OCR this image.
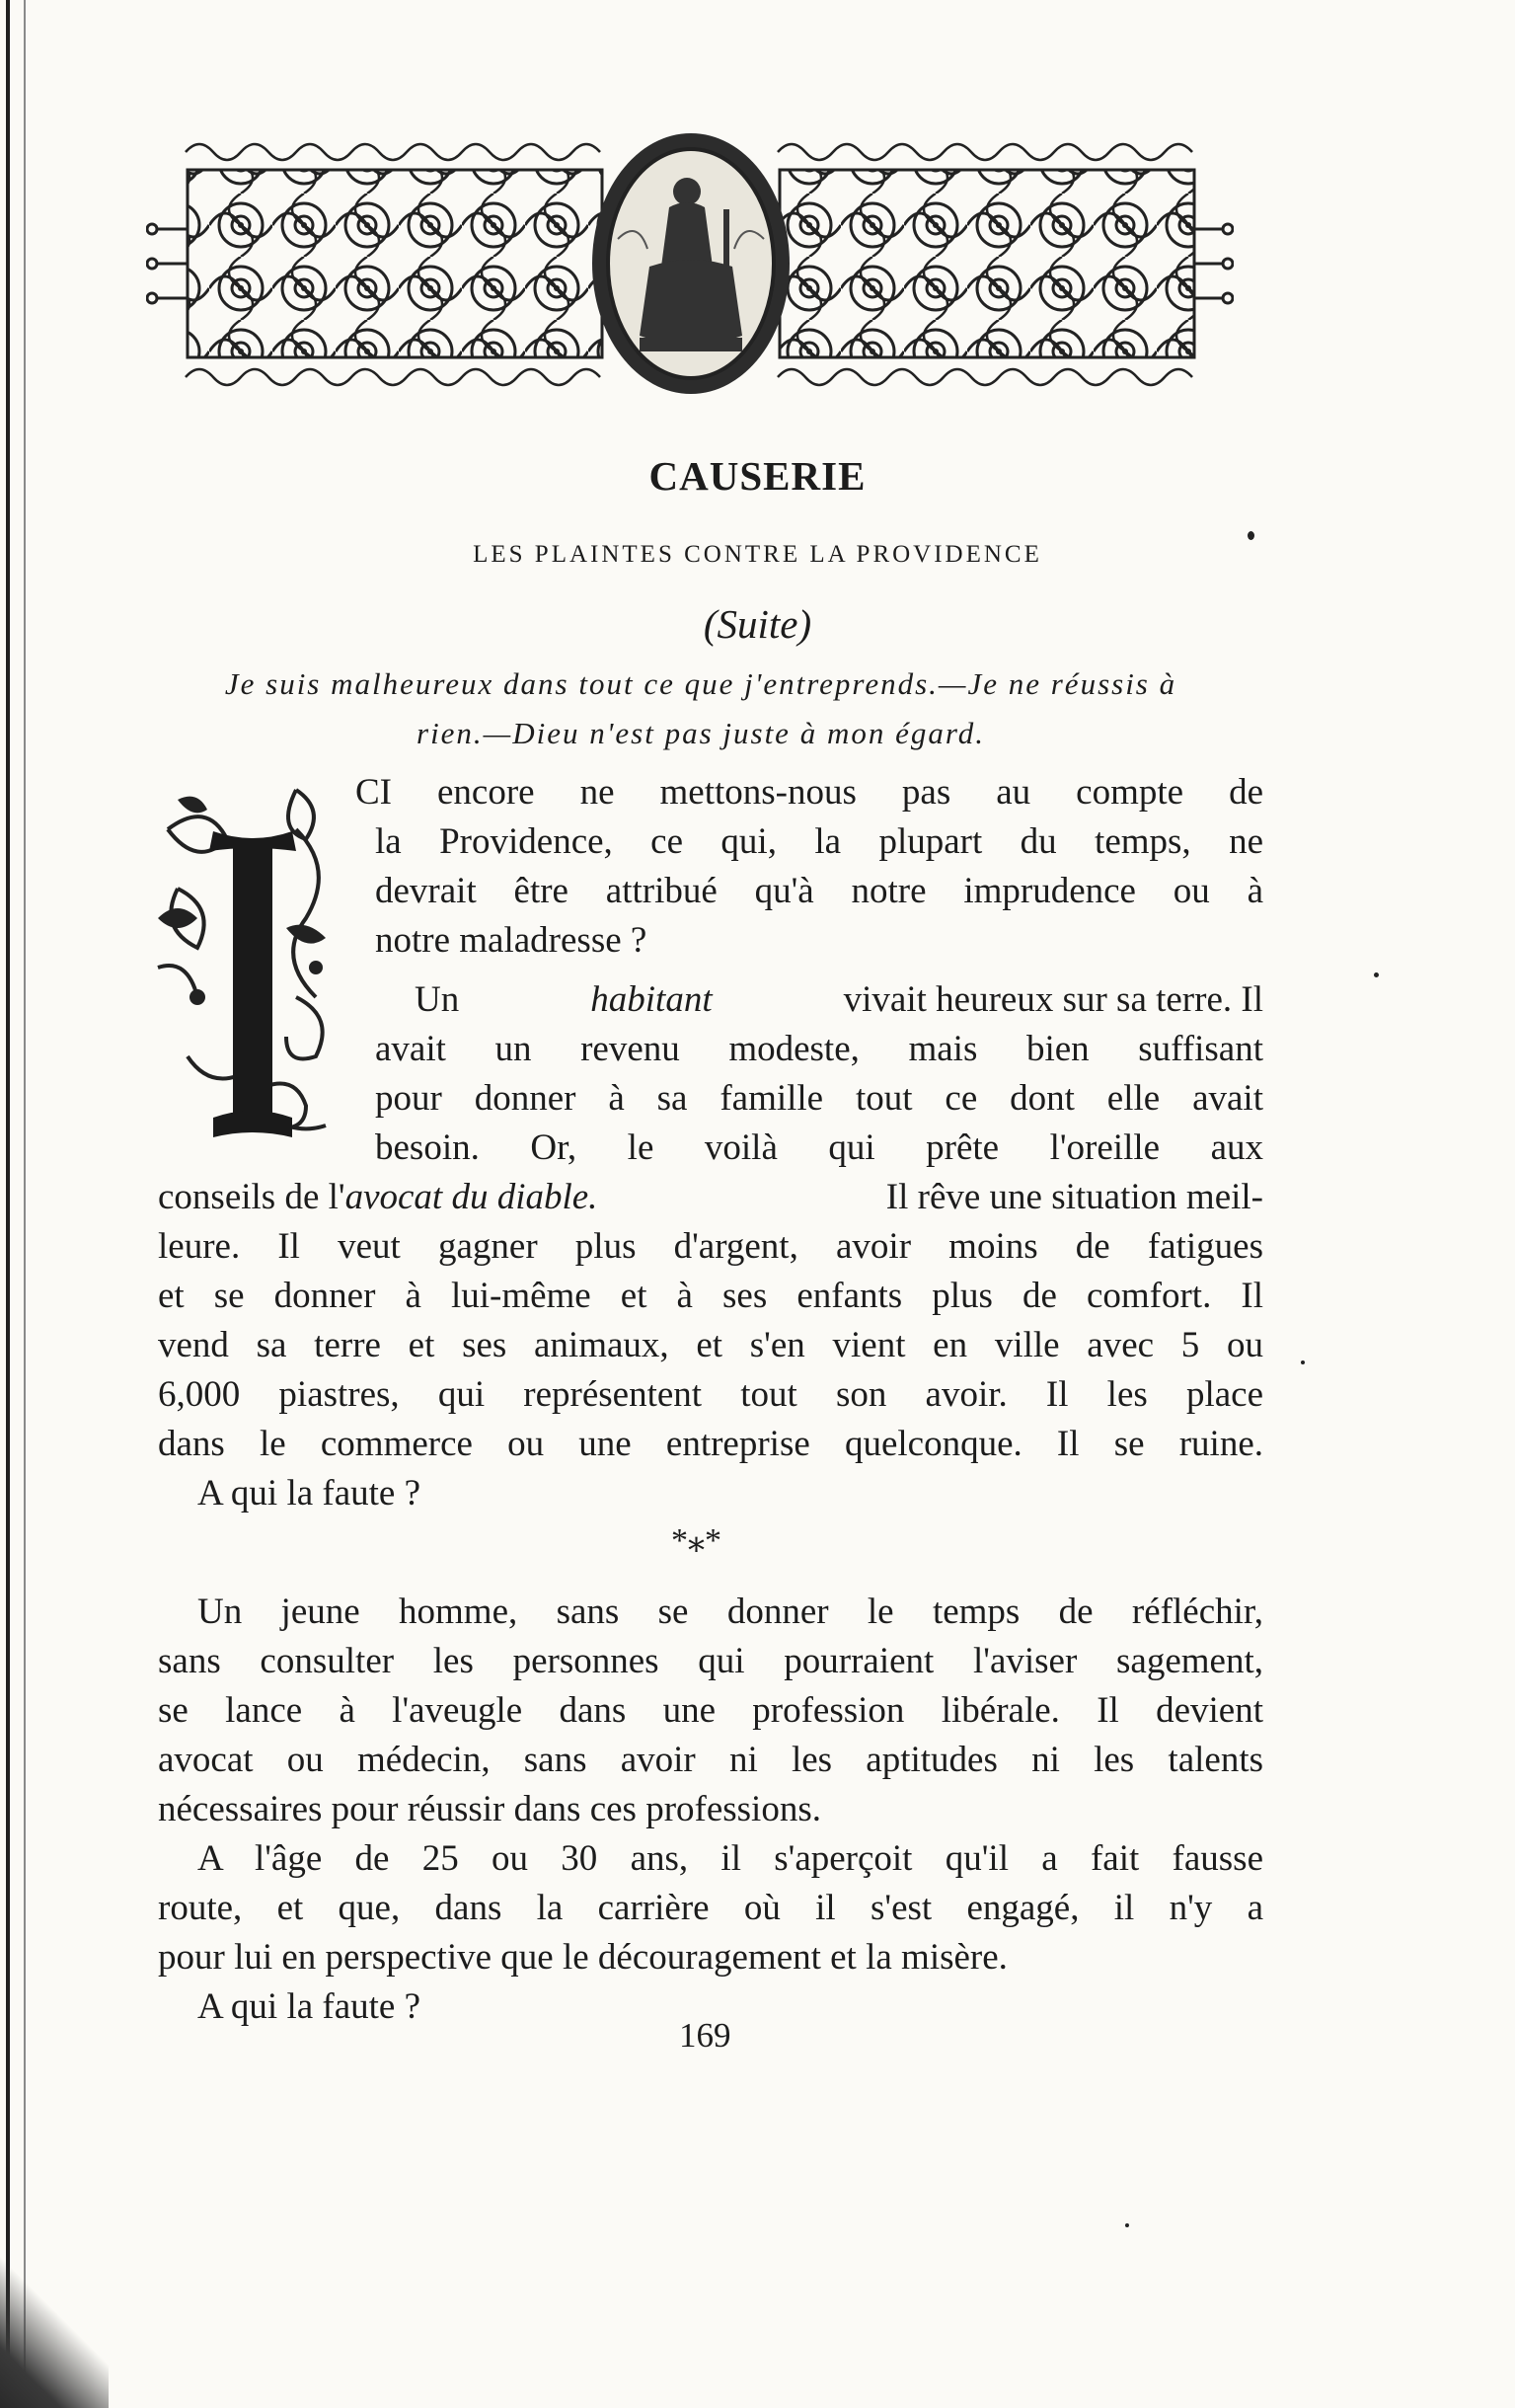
CAUSERIE
LES PLAINTES CONTRE LA PROVIDENCE
(Suite)
Je suis malheureux dans tout ce que j'entreprends.—Je ne réussis à
rien.—Dieu n'est pas juste à mon égard.
CI encore ne mettons-nous pas au compte de
la Providence, ce qui, la plupart du temps, ne
devrait être attribué qu'à notre imprudence ou à
notre maladresse ?
Un	habitant	vivait heureux sur sa terre. Il
avait un revenu modeste, mais bien suffisant
pour donner à sa famille tout ce dont elle avait
besoin. Or, le voilà qui prête l'oreille aux
conseils de l'avocat du diable.	Il rêve une situation meil-
leure. Il veut gagner plus d'argent, avoir moins de fatigues
et se donner à lui-même et à ses enfants plus de comfort. Il
vend sa terre et ses animaux, et s'en vient en ville avec 5 ou
6,000 piastres, qui représentent tout son avoir. Il les place
dans le commerce ou une entreprise quelconque. Il se ruine.
A qui la faute ?
*⁎*
Un jeune homme, sans se donner le temps de réfléchir,
sans consulter les personnes qui pourraient l'aviser sagement,
se lance à l'aveugle dans une profession libérale. Il devient
avocat ou médecin, sans avoir ni les aptitudes ni les talents
nécessaires pour réussir dans ces professions.
A l'âge de 25 ou 30 ans, il s'aperçoit qu'il a fait fausse
route, et que, dans la carrière où il s'est engagé, il n'y a
pour lui en perspective que le découragement et la misère.
A qui la faute ?
169
